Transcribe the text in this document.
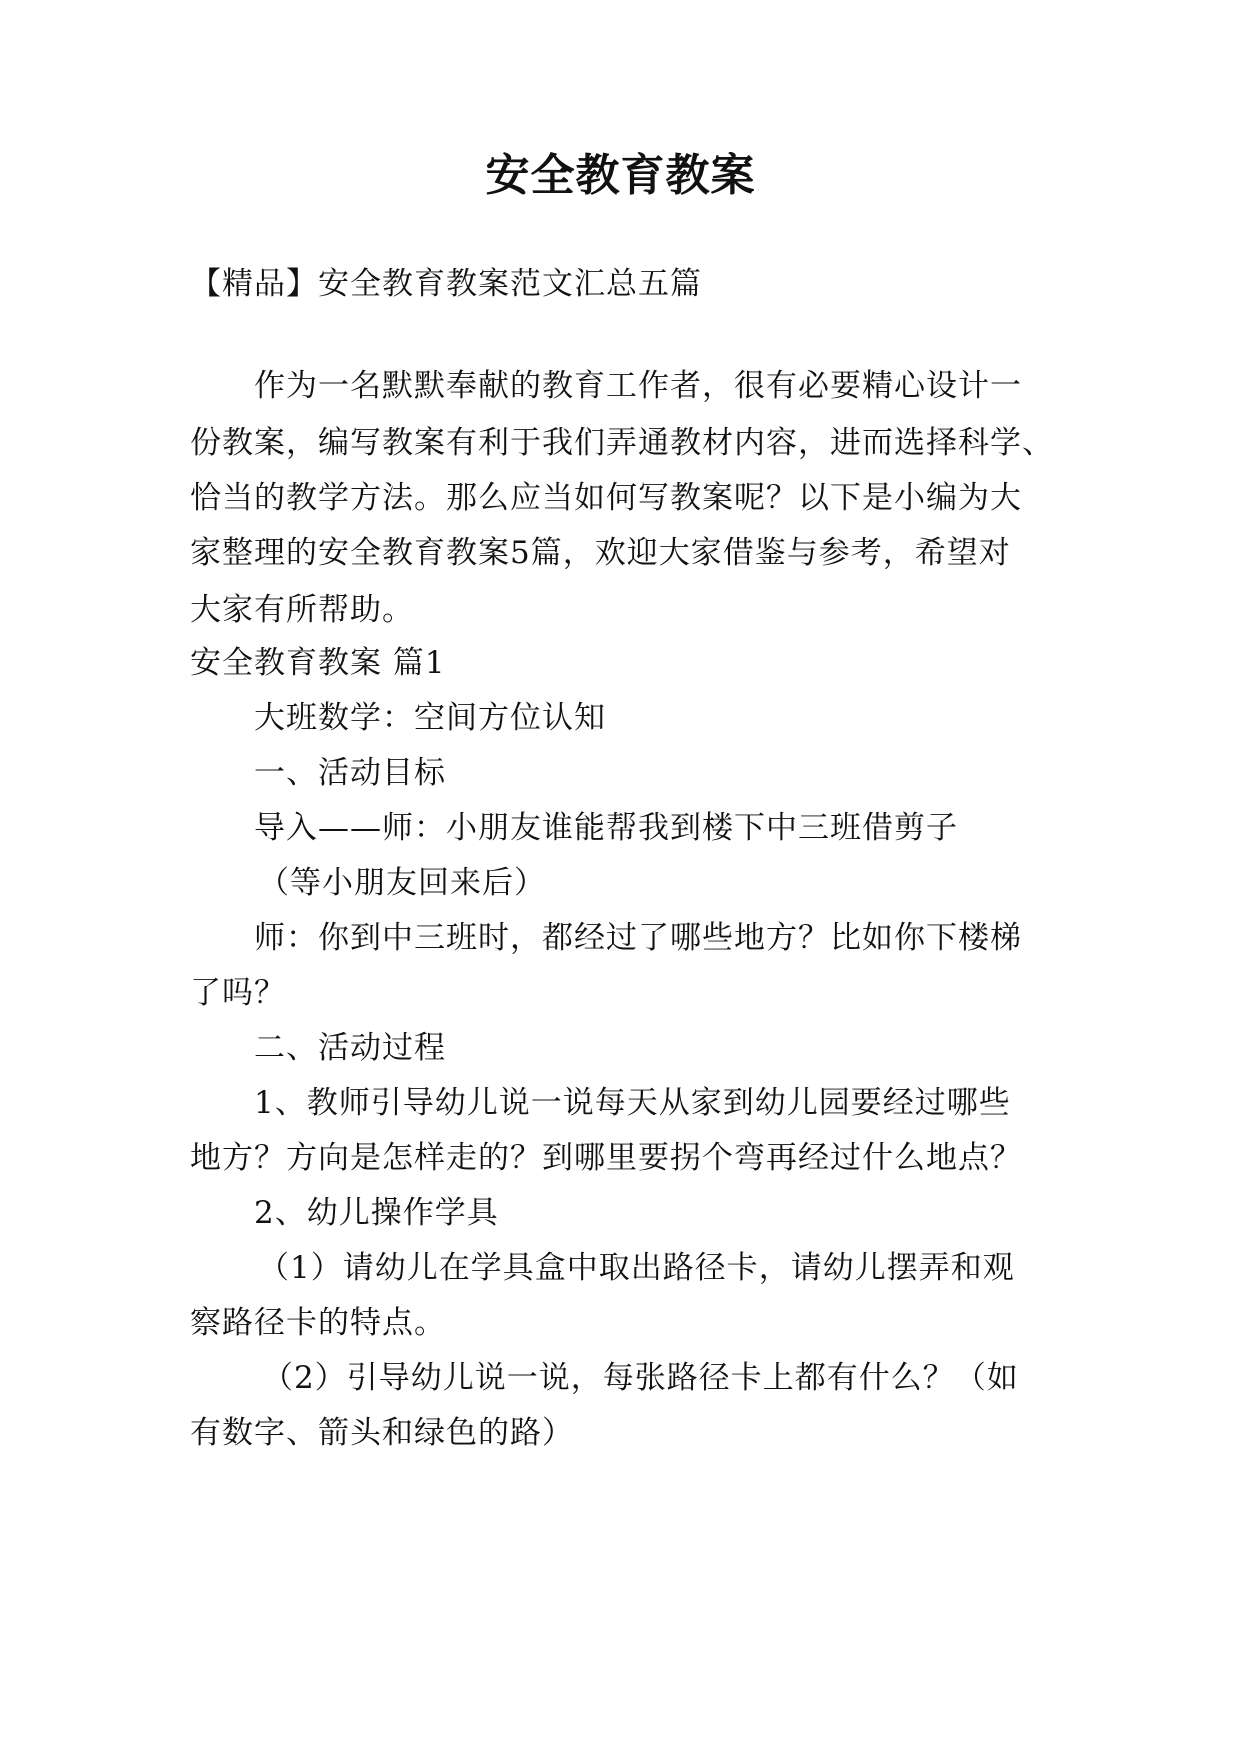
安全教育教案
【精品】安全教育教案范文汇总五篇
作为一名默默奉献的教育工作者，很有必要精心设计一
份教案，编写教案有利于我们弄通教材内容，进而选择科学、
恰当的教学方法。那么应当如何写教案呢？以下是小编为大
家整理的安全教育教案5篇，欢迎大家借鉴与参考，希望对
大家有所帮助。
安全教育教案 篇1
大班数学：空间方位认知
一、活动目标
导入——师：小朋友谁能帮我到楼下中三班借剪子
（等小朋友回来后）
师：你到中三班时，都经过了哪些地方？比如你下楼梯
了吗？
二、活动过程
1、教师引导幼儿说一说每天从家到幼儿园要经过哪些
地方？方向是怎样走的？到哪里要拐个弯再经过什么地点？
2、幼儿操作学具
（1）请幼儿在学具盒中取出路径卡，请幼儿摆弄和观
察路径卡的特点。
（2）引导幼儿说一说，每张路径卡上都有什么？（如
有数字、箭头和绿色的路）
